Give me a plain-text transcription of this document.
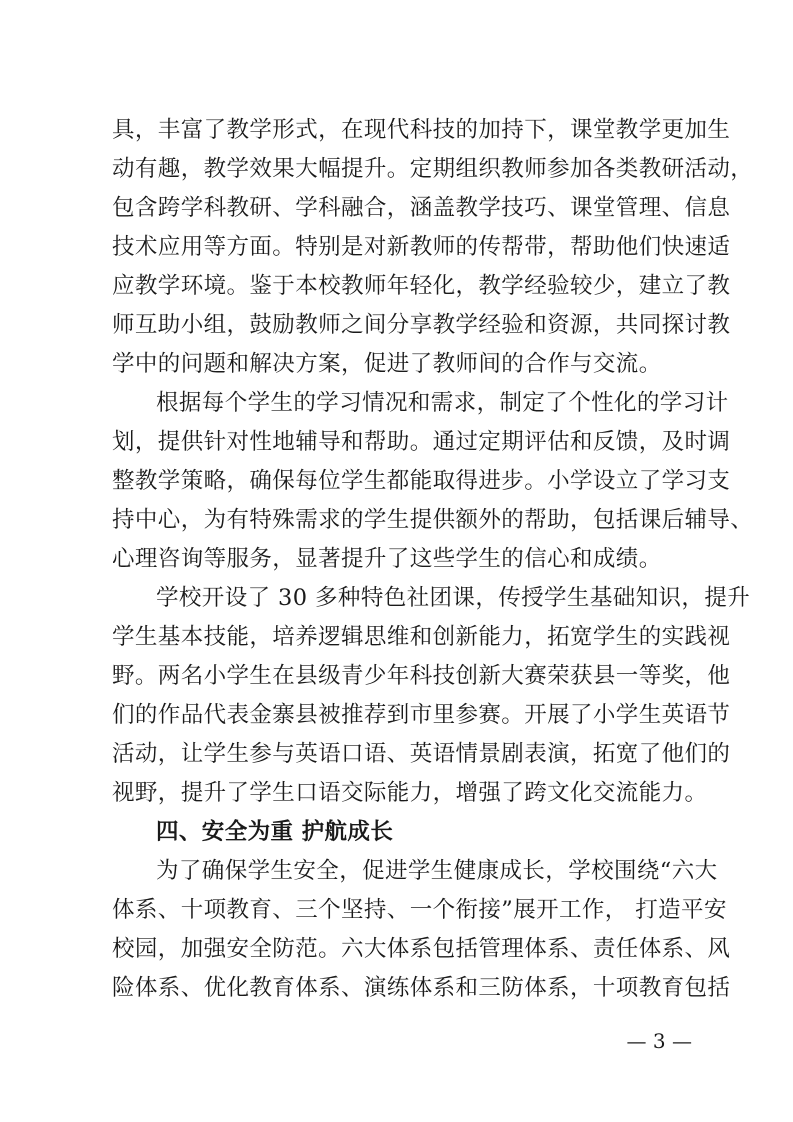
具，丰富了教学形式，在现代科技的加持下，课堂教学更加生
动有趣，教学效果大幅提升。定期组织教师参加各类教研活动，
包含跨学科教研、学科融合，涵盖教学技巧、课堂管理、信息
技术应用等方面。特别是对新教师的传帮带，帮助他们快速适
应教学环境。鉴于本校教师年轻化，教学经验较少，建立了教
师互助小组，鼓励教师之间分享教学经验和资源，共同探讨教
学中的问题和解决方案，促进了教师间的合作与交流。
根据每个学生的学习情况和需求，制定了个性化的学习计
划，提供针对性地辅导和帮助。通过定期评估和反馈，及时调
整教学策略，确保每位学生都能取得进步。小学设立了学习支
持中心，为有特殊需求的学生提供额外的帮助，包括课后辅导、
心理咨询等服务，显著提升了这些学生的信心和成绩。
学校开设了 30 多种特色社团课，传授学生基础知识，提升
学生基本技能，培养逻辑思维和创新能力，拓宽学生的实践视
野。两名小学生在县级青少年科技创新大赛荣获县一等奖，他
们的作品代表金寨县被推荐到市里参赛。开展了小学生英语节
活动，让学生参与英语口语、英语情景剧表演，拓宽了他们的
视野，提升了学生口语交际能力，增强了跨文化交流能力。
四、安全为重 护航成长
为了确保学生安全，促进学生健康成长，学校围绕“六大
体系、十项教育、三个坚持、一个衔接”展开工作， 打造平安
校园，加强安全防范。六大体系包括管理体系、责任体系、风
险体系、优化教育体系、演练体系和三防体系，十项教育包括
— 3 —
